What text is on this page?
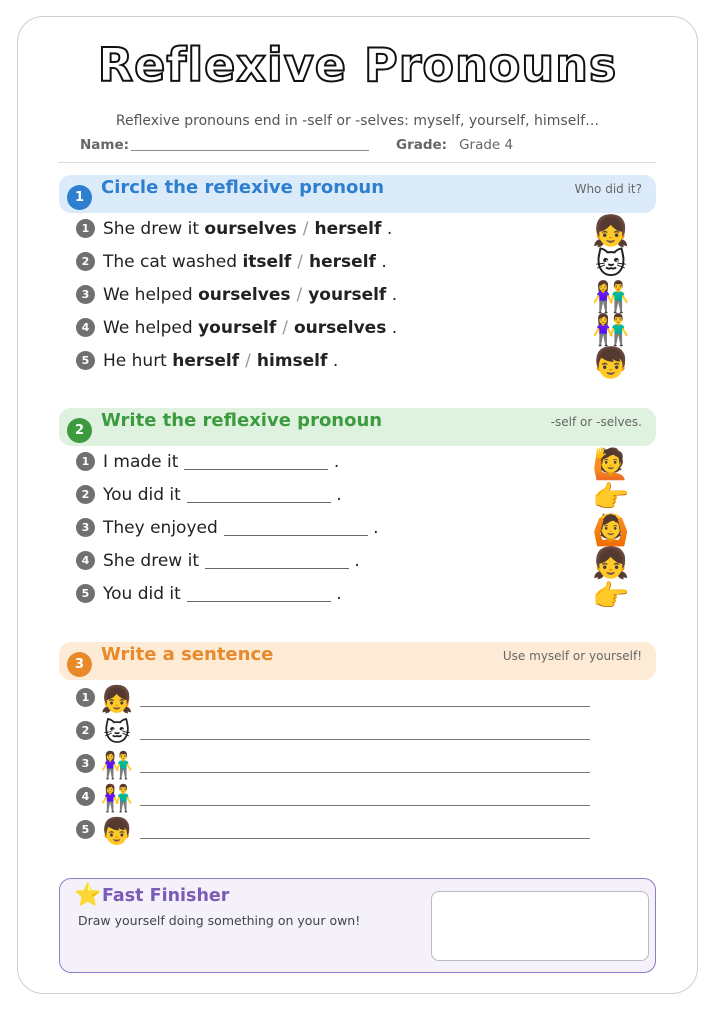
Reflexive Pronouns
Reflexive pronouns end in -self or -selves: myself, yourself, himself…
Name:	Grade: Grade 4
1 Circle the reflexive pronoun	Who did it?
1 She drew it ourselves / herself .	👧
2 The cat washed itself / herself .	🐱
3 We helped ourselves / yourself .	👫
4 We helped yourself / ourselves .	👫
5 He hurt herself / himself .	👦
2 Write the reflexive pronoun	-self or -selves.
1 I made it	.	🙋
2 You did it	.	👉
3 They enjoyed	.	🙆
4 She drew it	.	👧
5 You did it	.	👉
3 Write a sentence	Use myself or yourself!
1 👧
2 🐱
3 👫
4 👫
5 👦
⭐ Fast Finisher
Draw yourself doing something on your own!
